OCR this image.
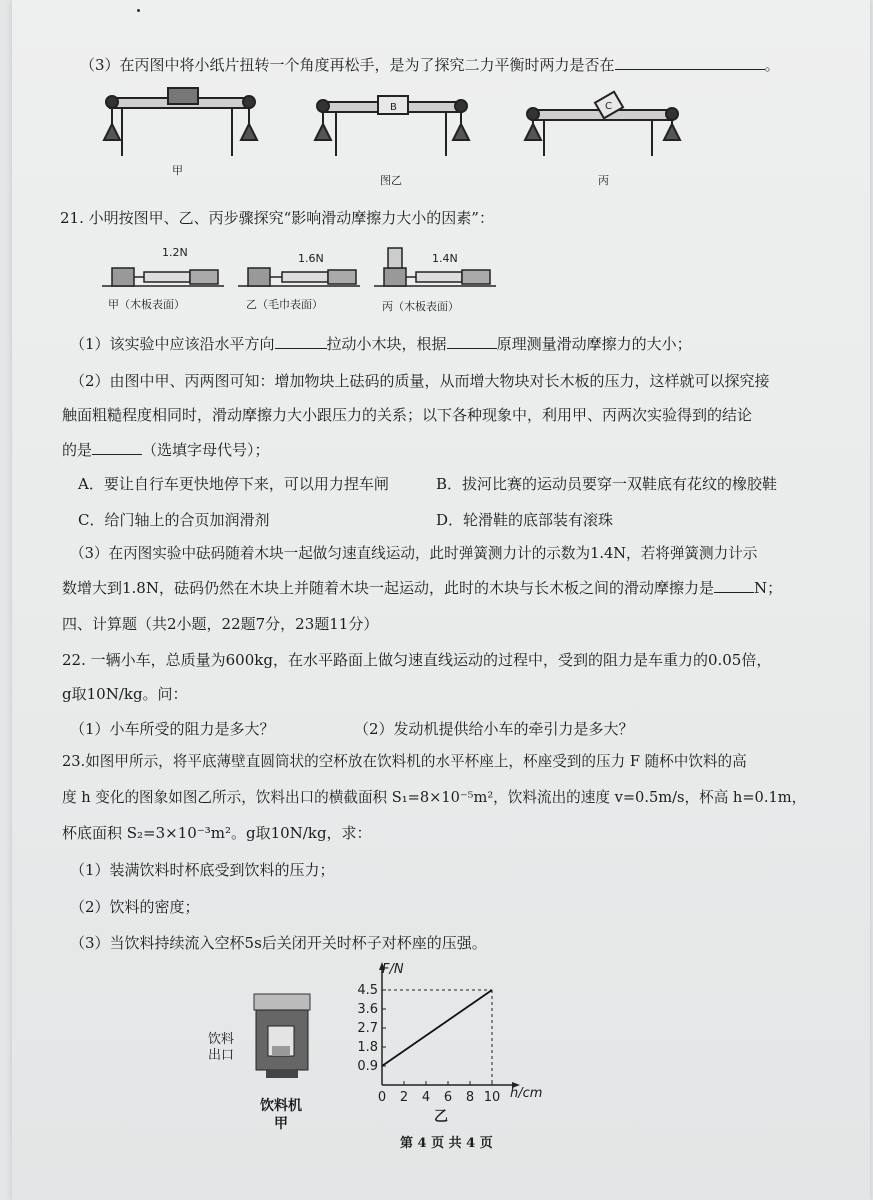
（3）在丙图中将小纸片扭转一个角度再松手，是为了探究二力平衡时两力是否在	。
B	C
甲
图乙	丙
21. 小明按图甲、乙、丙步骤探究“影响滑动摩擦力大小的因素”：
1.2N	1.6N	1.4N
甲（木板表面）	乙（毛巾表面）	丙（木板表面）
（1）该实验中应该沿水平方向	拉动小木块，根据	原理测量滑动摩擦力的大小；
（2）由图中甲、丙两图可知：增加物块上砝码的质量，从而增大物块对长木板的压力，这样就可以探究接
触面粗糙程度相同时，滑动摩擦力大小跟压力的关系；以下各种现象中，利用甲、丙两次实验得到的结论
的是	（选填字母代号）；
A．要让自行车更快地停下来，可以用力捏车闸	B．拔河比赛的运动员要穿一双鞋底有花纹的橡胶鞋
C．给门轴上的合页加润滑剂	D．轮滑鞋的底部装有滚珠
（3）在丙图实验中砝码随着木块一起做匀速直线运动，此时弹簧测力计的示数为1.4N，若将弹簧测力计示
数增大到1.8N，砝码仍然在木块上并随着木块一起运动，此时的木块与长木板之间的滑动摩擦力是	N；
四、计算题（共2小题，22题7分，23题11分）
22. 一辆小车，总质量为600kg，在水平路面上做匀速直线运动的过程中，受到的阻力是车重力的0.05倍，
g取10N/kg。问：
（1）小车所受的阻力是多大？	（2）发动机提供给小车的牵引力是多大？
23.如图甲所示，将平底薄壁直圆筒状的空杯放在饮料机的水平杯座上，杯座受到的压力 F 随杯中饮料的高
度 h 变化的图象如图乙所示，饮料出口的横截面积 S₁=8×10⁻⁵m²，饮料流出的速度 v=0.5m/s，杯高 h=0.1m，
杯底面积 S₂=3×10⁻³m²。g取10N/kg，求：
（1）装满饮料时杯底受到饮料的压力；
（2）饮料的密度；
（3）当饮料持续流入空杯5s后关闭开关时杯子对杯座的压强。
饮料
出口
饮料机
甲
0.9
1.8
2.7
3.6
4.5
0 2 4 6 8 10
F/N
h/cm
乙
第 4 页 共 4 页
